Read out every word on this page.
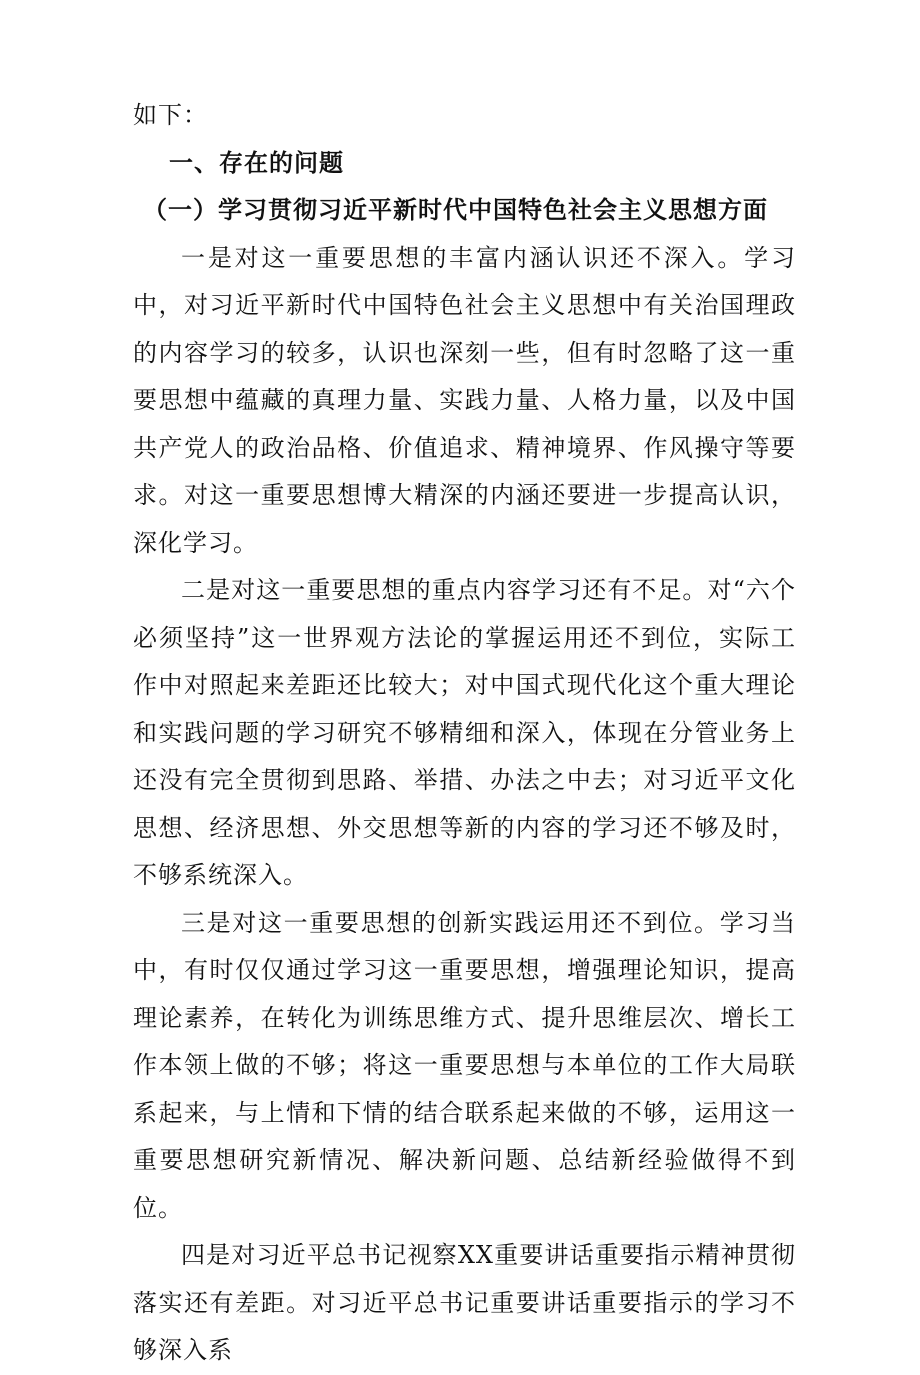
如下：

一、存在的问题

（一）学习贯彻习近平新时代中国特色社会主义思想方面

一是对这一重要思想的丰富内涵认识还不深入。学习中，对习近平新时代中国特色社会主义思想中有关治国理政的内容学习的较多，认识也深刻一些，但有时忽略了这一重要思想中蕴藏的真理力量、实践力量、人格力量，以及中国共产党人的政治品格、价值追求、精神境界、作风操守等要求。对这一重要思想博大精深的内涵还要进一步提高认识，深化学习。

二是对这一重要思想的重点内容学习还有不足。对“六个必须坚持”这一世界观方法论的掌握运用还不到位，实际工作中对照起来差距还比较大；对中国式现代化这个重大理论和实践问题的学习研究不够精细和深入，体现在分管业务上还没有完全贯彻到思路、举措、办法之中去；对习近平文化思想、经济思想、外交思想等新的内容的学习还不够及时，不够系统深入。

三是对这一重要思想的创新实践运用还不到位。学习当中，有时仅仅通过学习这一重要思想，增强理论知识，提高理论素养，在转化为训练思维方式、提升思维层次、增长工作本领上做的不够；将这一重要思想与本单位的工作大局联系起来，与上情和下情的结合联系起来做的不够，运用这一重要思想研究新情况、解决新问题、总结新经验做得不到位。

四是对习近平总书记视察XX重要讲话重要指示精神贯彻落实还有差距。对习近平总书记重要讲话重要指示的学习不够深入系
